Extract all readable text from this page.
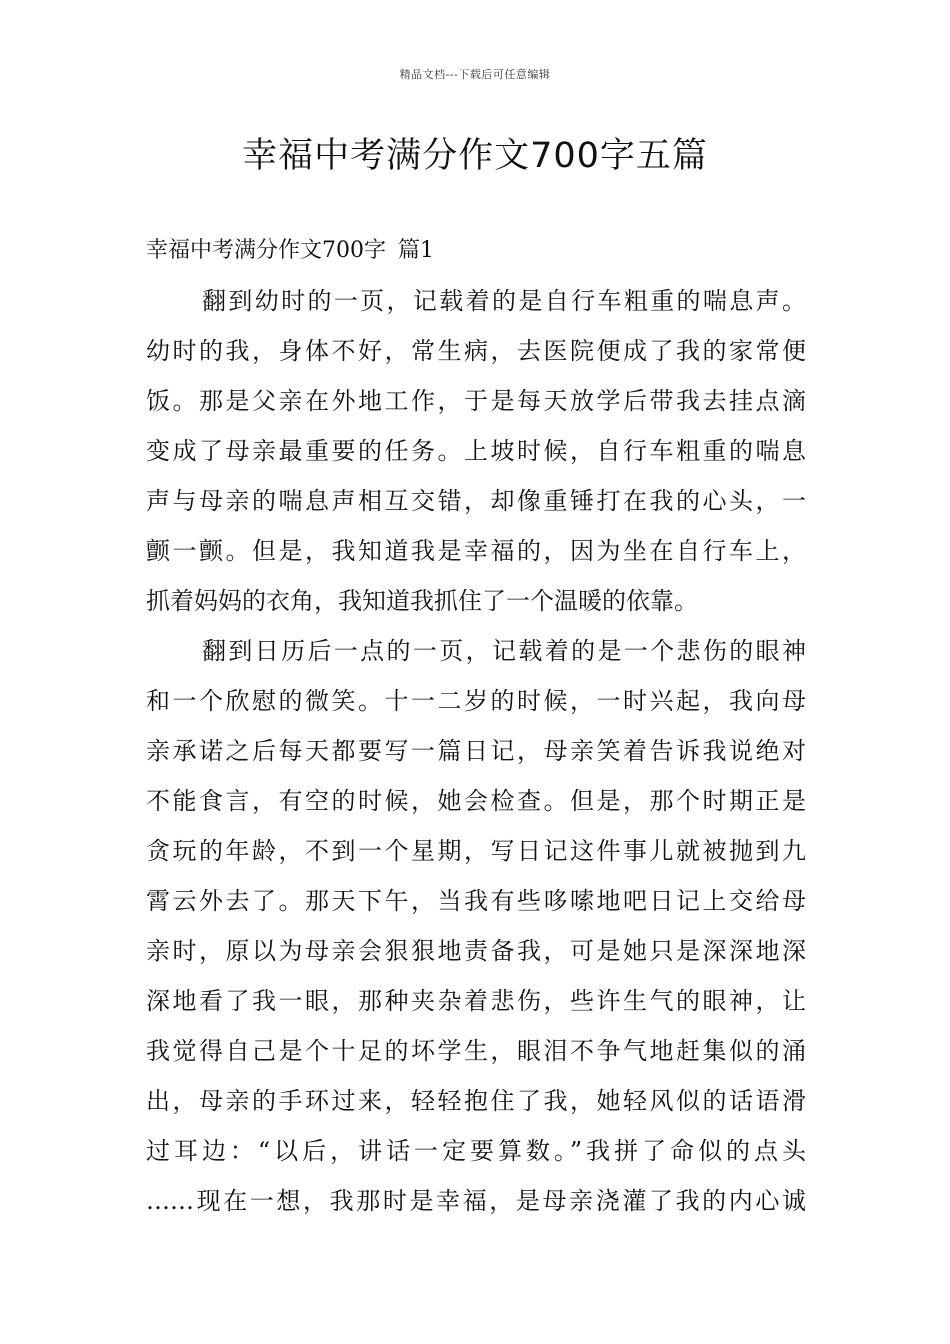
精品文档---下载后可任意编辑
幸福中考满分作文700字五篇
幸福中考满分作文700字 篇1
翻到幼时的一页，记载着的是自行车粗重的喘息声。
幼时的我，身体不好，常生病，去医院便成了我的家常便
饭。那是父亲在外地工作，于是每天放学后带我去挂点滴
变成了母亲最重要的任务。上坡时候，自行车粗重的喘息
声与母亲的喘息声相互交错，却像重锤打在我的心头，一
颤一颤。但是，我知道我是幸福的，因为坐在自行车上，
抓着妈妈的衣角，我知道我抓住了一个温暖的依靠。
翻到日历后一点的一页，记载着的是一个悲伤的眼神
和一个欣慰的微笑。十一二岁的时候，一时兴起，我向母
亲承诺之后每天都要写一篇日记，母亲笑着告诉我说绝对
不能食言，有空的时候，她会检查。但是，那个时期正是
贪玩的年龄，不到一个星期，写日记这件事儿就被抛到九
霄云外去了。那天下午，当我有些哆嗦地吧日记上交给母
亲时，原以为母亲会狠狠地责备我，可是她只是深深地深
深地看了我一眼，那种夹杂着悲伤，些许生气的眼神，让
我觉得自己是个十足的坏学生，眼泪不争气地赶集似的涌
出，母亲的手环过来，轻轻抱住了我，她轻风似的话语滑
过耳边：“以后，讲话一定要算数。”我拼了命似的点头
……现在一想，我那时是幸福，是母亲浇灌了我的内心诚
